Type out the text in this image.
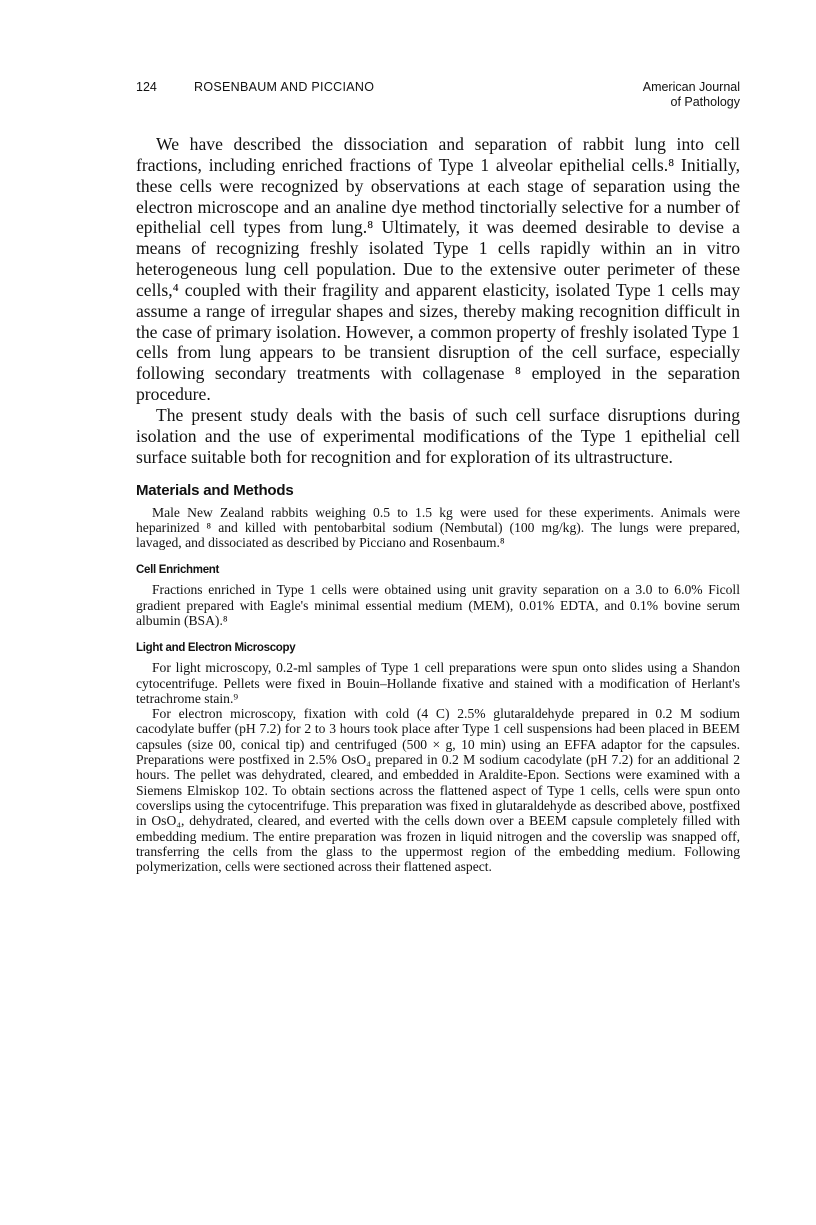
124	ROSENBAUM AND PICCIANO	American Journal
of Pathology

We have described the dissociation and separation of rabbit lung into cell fractions, including enriched fractions of Type 1 alveolar epithelial cells.⁸ Initially, these cells were recognized by observations at each stage of separation using the electron microscope and an analine dye method tinctorially selective for a number of epithelial cell types from lung.⁸ Ultimately, it was deemed desirable to devise a means of recognizing freshly isolated Type 1 cells rapidly within an in vitro heterogeneous lung cell population. Due to the extensive outer perimeter of these cells,⁴ coupled with their fragility and apparent elasticity, isolated Type 1 cells may assume a range of irregular shapes and sizes, thereby making recognition difficult in the case of primary isolation. However, a common property of freshly isolated Type 1 cells from lung appears to be transient disruption of the cell surface, especially following secondary treatments with collagenase ⁸ employed in the separation procedure.

The present study deals with the basis of such cell surface disruptions during isolation and the use of experimental modifications of the Type 1 epithelial cell surface suitable both for recognition and for exploration of its ultrastructure.

Materials and Methods

Male New Zealand rabbits weighing 0.5 to 1.5 kg were used for these experiments. Animals were heparinized ⁸ and killed with pentobarbital sodium (Nembutal) (100 mg/kg). The lungs were prepared, lavaged, and dissociated as described by Picciano and Rosenbaum.⁸

Cell Enrichment

Fractions enriched in Type 1 cells were obtained using unit gravity separation on a 3.0 to 6.0% Ficoll gradient prepared with Eagle's minimal essential medium (MEM), 0.01% EDTA, and 0.1% bovine serum albumin (BSA).⁸

Light and Electron Microscopy

For light microscopy, 0.2-ml samples of Type 1 cell preparations were spun onto slides using a Shandon cytocentrifuge. Pellets were fixed in Bouin–Hollande fixative and stained with a modification of Herlant's tetrachrome stain.⁹

For electron microscopy, fixation with cold (4 C) 2.5% glutaraldehyde prepared in 0.2 M sodium cacodylate buffer (pH 7.2) for 2 to 3 hours took place after Type 1 cell suspensions had been placed in BEEM capsules (size 00, conical tip) and centrifuged (500 × g, 10 min) using an EFFA adaptor for the capsules. Preparations were postfixed in 2.5% OsO₄ prepared in 0.2 M sodium cacodylate (pH 7.2) for an additional 2 hours. The pellet was dehydrated, cleared, and embedded in Araldite-Epon. Sections were examined with a Siemens Elmiskop 102. To obtain sections across the flattened aspect of Type 1 cells, cells were spun onto coverslips using the cytocentrifuge. This preparation was fixed in glutaraldehyde as described above, postfixed in OsO₄, dehydrated, cleared, and everted with the cells down over a BEEM capsule completely filled with embedding medium. The entire preparation was frozen in liquid nitrogen and the coverslip was snapped off, transferring the cells from the glass to the uppermost region of the embedding medium. Following polymerization, cells were sectioned across their flattened aspect.
